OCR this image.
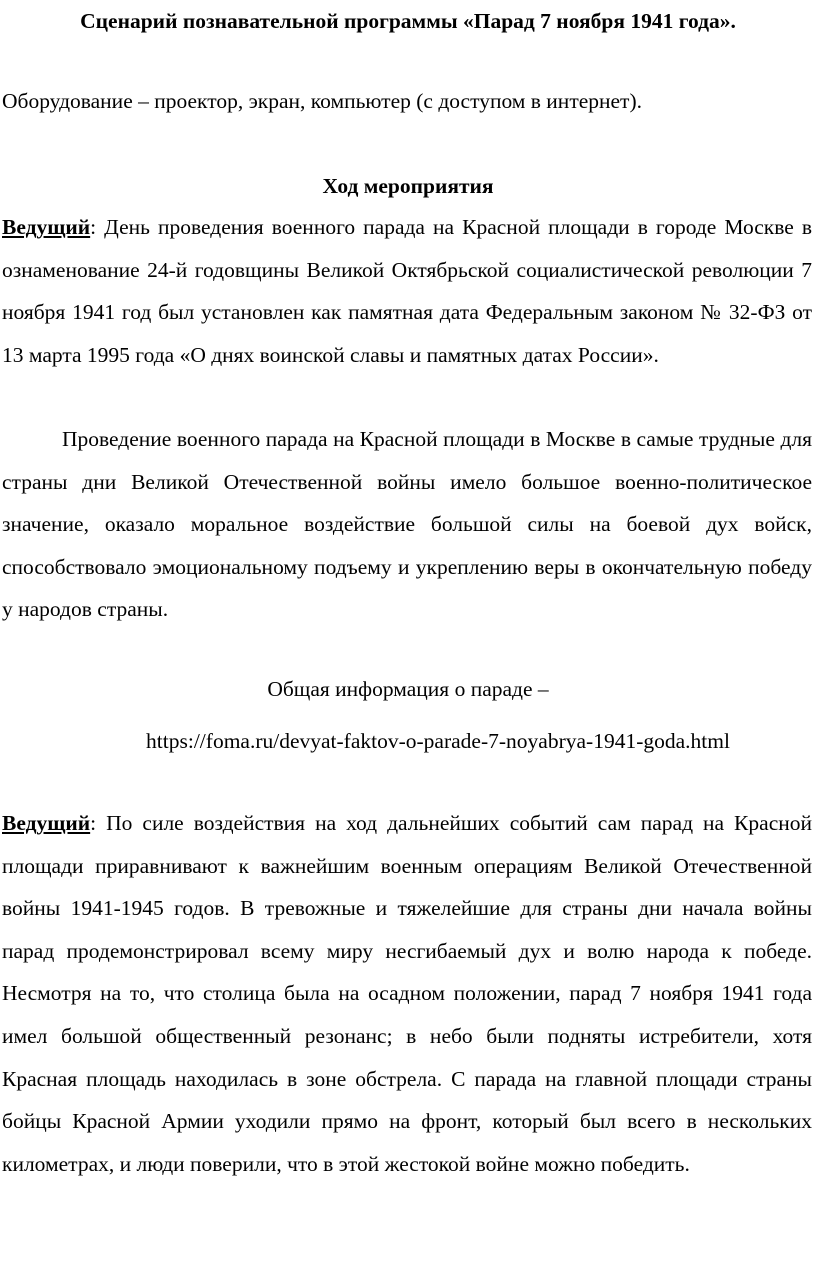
Сценарий познавательной программы «Парад 7 ноября 1941 года».
Оборудование – проектор, экран, компьютер (с доступом в интернет).
Ход мероприятия

Ведущий: День проведения военного парада на Красной площади в городе Москве в ознаменование 24-й годовщины Великой Октябрьской социалистической революции 7 ноября 1941 год был установлен как памятная дата Федеральным законом № 32-ФЗ от 13 марта 1995 года «О днях воинской славы и памятных датах России».

Проведение военного парада на Красной площади в Москве в самые трудные для страны дни Великой Отечественной войны имело большое военно-политическое значение, оказало моральное воздействие большой силы на боевой дух войск, способствовало эмоциональному подъему и укреплению веры в окончательную победу у народов страны.

Общая информация о параде –
https://foma.ru/devyat-faktov-o-parade-7-noyabrya-1941-goda.html

Ведущий: По силе воздействия на ход дальнейших событий сам парад на Красной площади приравнивают к важнейшим военным операциям Великой Отечественной войны 1941-1945 годов. В тревожные и тяжелейшие для страны дни начала войны парад продемонстрировал всему миру несгибаемый дух и волю народа к победе. Несмотря на то, что столица была на осадном положении, парад 7 ноября 1941 года имел большой общественный резонанс; в небо были подняты истребители, хотя Красная площадь находилась в зоне обстрела. С парада на главной площади страны бойцы Красной Армии уходили прямо на фронт, который был всего в нескольких километрах, и люди поверили, что в этой жестокой войне можно победить.
